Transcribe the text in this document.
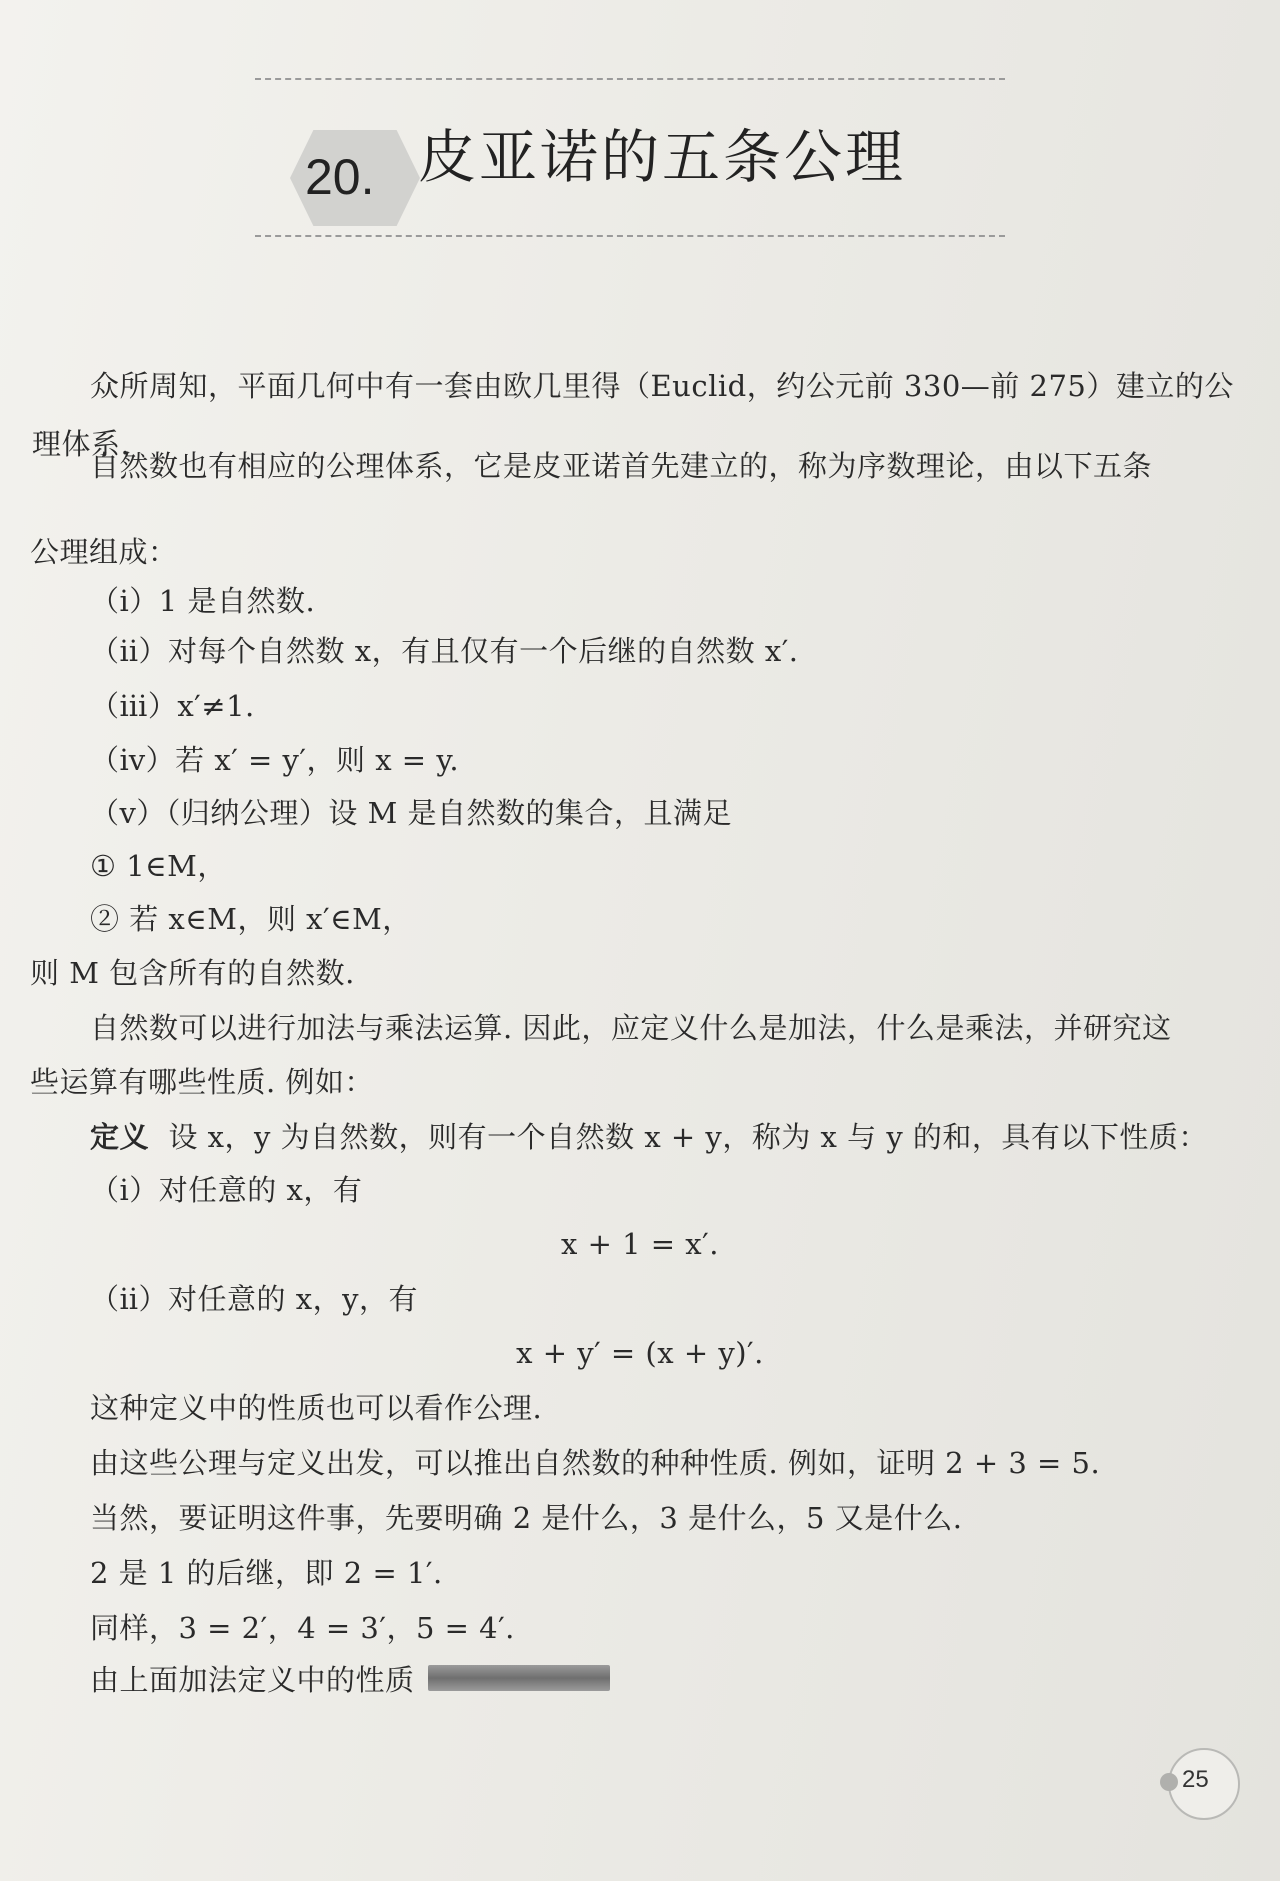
20. 皮亚诺的五条公理
众所周知，平面几何中有一套由欧几里得（Euclid，约公元前 330—前 275）建立的公
理体系.
自然数也有相应的公理体系，它是皮亚诺首先建立的，称为序数理论，由以下五条
公理组成：
（ⅰ）1 是自然数.
（ⅱ）对每个自然数 x，有且仅有一个后继的自然数 x′.
（ⅲ）x′≠1.
（ⅳ）若 x′ = y′，则 x = y.
（ⅴ）（归纳公理）设 M 是自然数的集合，且满足
① 1∈M，
② 若 x∈M，则 x′∈M，
则 M 包含所有的自然数.
自然数可以进行加法与乘法运算. 因此，应定义什么是加法，什么是乘法，并研究这
些运算有哪些性质. 例如：
定义 设 x，y 为自然数，则有一个自然数 x + y，称为 x 与 y 的和，具有以下性质：
（ⅰ）对任意的 x，有
x + 1 = x′.
（ⅱ）对任意的 x，y，有
x + y′ = (x + y)′.
这种定义中的性质也可以看作公理.
由这些公理与定义出发，可以推出自然数的种种性质. 例如，证明 2 + 3 = 5.
当然，要证明这件事，先要明确 2 是什么，3 是什么，5 又是什么.
2 是 1 的后继，即 2 = 1′.
同样，3 = 2′，4 = 3′，5 = 4′.
由上面加法定义中的性质
25
